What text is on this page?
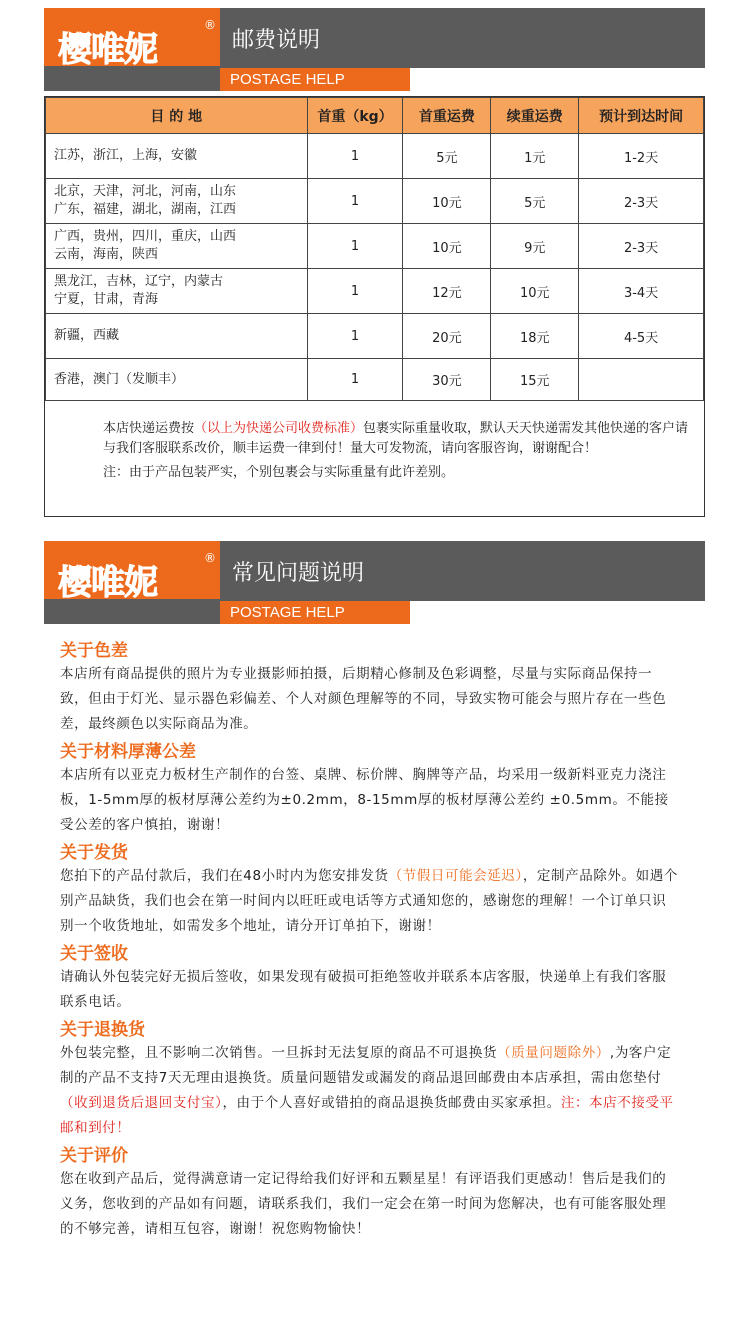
樱唯妮
®
邮费说明
POSTAGE HELP
目 的 地	首重（kg）	首重运费	续重运费	预计到达时间
江苏，浙江，上海，安徽	1	5元	1元	1-2天
北京，天津，河北，河南，山东
广东，福建，湖北，湖南，江西	1	10元	5元	2-3天
广西，贵州，四川，重庆，山西
云南，海南，陕西	1	10元	9元	2-3天
黑龙江，吉林，辽宁，内蒙古
宁夏，甘肃，青海	1	12元	10元	3-4天
新疆，西藏	1	20元	18元	4-5天
香港，澳门（发顺丰）	1	30元	15元	

本店快递运费按（以上为快递公司收费标准）包裹实际重量收取，默认天天快递需发其他快递的客户请与我们客服联系改价，顺丰运费一律到付！量大可发物流，请向客服咨询，谢谢配合！

注：由于产品包装严实，个别包裹会与实际重量有此许差别。

樱唯妮
®
常见问题说明
POSTAGE HELP
关于色差
本店所有商品提供的照片为专业摄影师拍摄，后期精心修制及色彩调整，尽量与实际商品保持一致，但由于灯光、显示器色彩偏差、个人对颜色理解等的不同，导致实物可能会与照片存在一些色差，最终颜色以实际商品为准。
关于材料厚薄公差
本店所有以亚克力板材生产制作的台签、桌牌、标价牌、胸牌等产品，均采用一级新料亚克力浇注板，1-5mm厚的板材厚薄公差约为±0.2mm，8-15mm厚的板材厚薄公差约 ±0.5mm。不能接受公差的客户慎拍，谢谢！
关于发货
您拍下的产品付款后，我们在48小时内为您安排发货（节假日可能会延迟），定制产品除外。如遇个别产品缺货，我们也会在第一时间内以旺旺或电话等方式通知您的，感谢您的理解！一个订单只识别一个收货地址，如需发多个地址，请分开订单拍下，谢谢！
关于签收
请确认外包装完好无损后签收，如果发现有破损可拒绝签收并联系本店客服，快递单上有我们客服联系电话。
关于退换货
外包装完整，且不影响二次销售。一旦拆封无法复原的商品不可退换货（质量问题除外）,为客户定制的产品不支持7天无理由退换货。质量问题错发或漏发的商品退回邮费由本店承担，需由您垫付（收到退货后退回支付宝），由于个人喜好或错拍的商品退换货邮费由买家承担。注：本店不接受平邮和到付！
关于评价
您在收到产品后，觉得满意请一定记得给我们好评和五颗星星！有评语我们更感动！售后是我们的义务，您收到的产品如有问题，请联系我们，我们一定会在第一时间为您解决，也有可能客服处理的不够完善，请相互包容，谢谢！祝您购物愉快！
